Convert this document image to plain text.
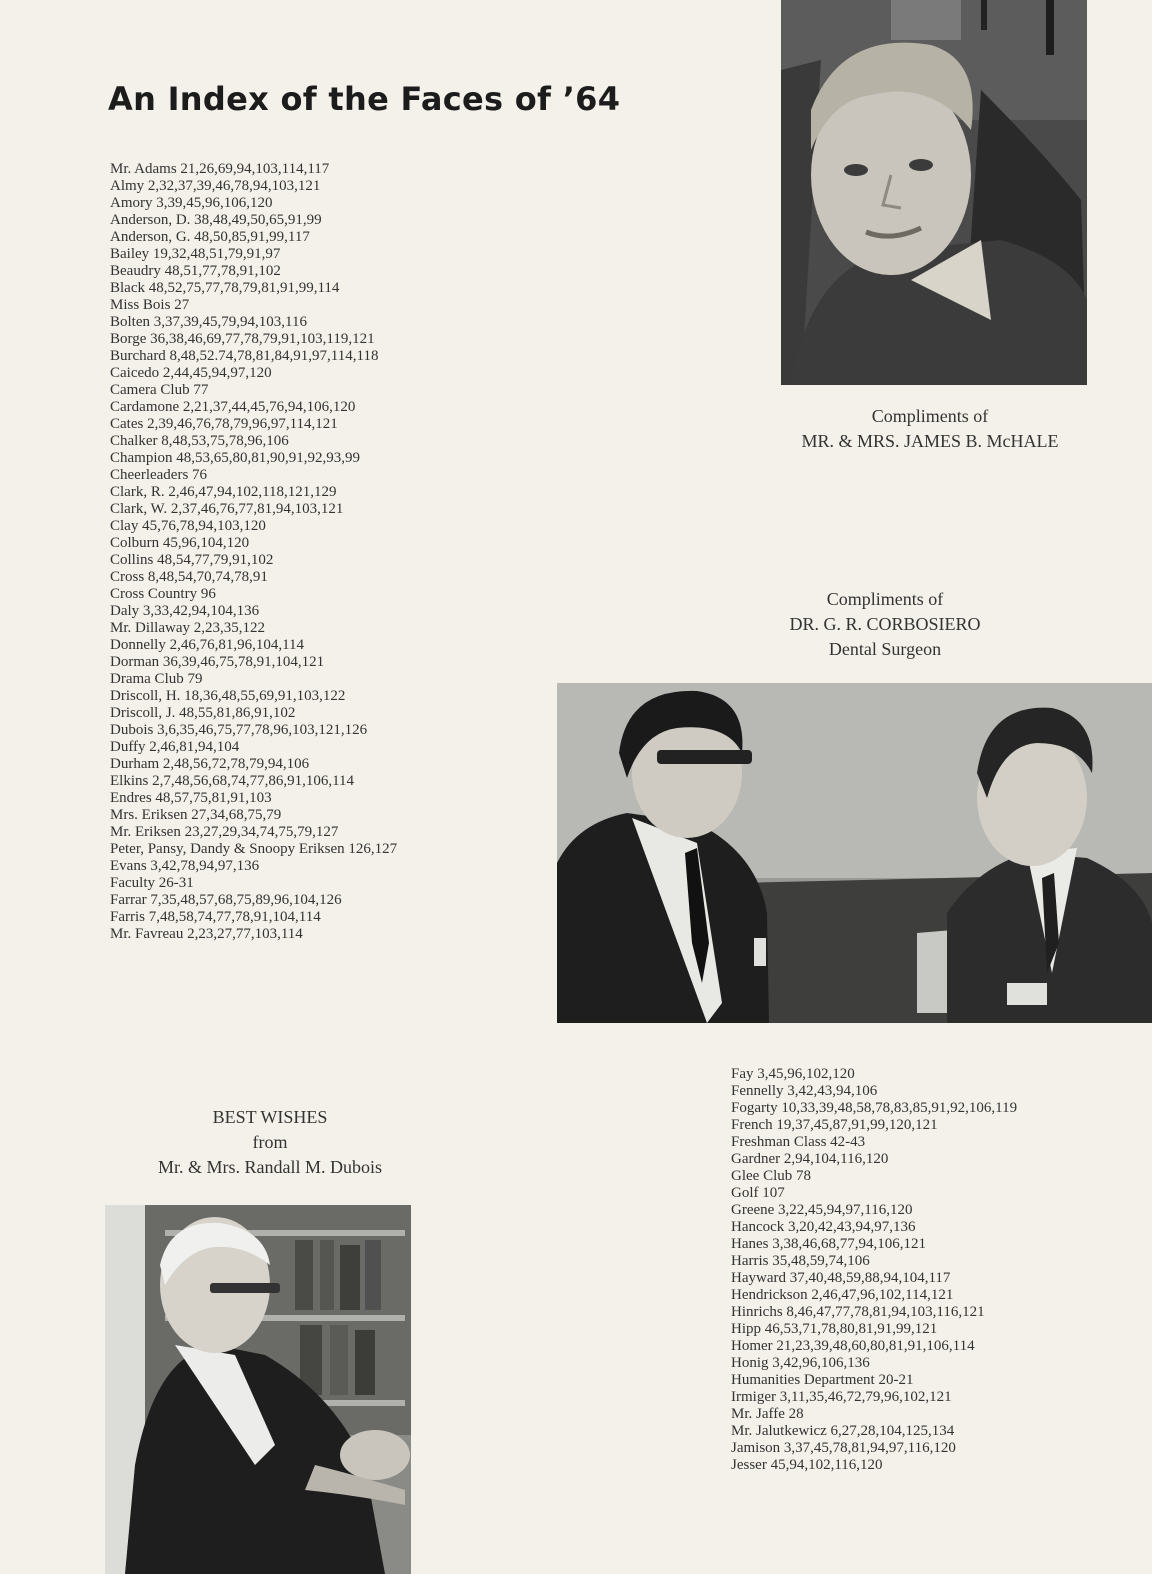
An Index of the Faces of ’64
Mr. Adams 21,26,69,94,103,114,117
Almy 2,32,37,39,46,78,94,103,121
Amory 3,39,45,96,106,120
Anderson, D. 38,48,49,50,65,91,99
Anderson, G. 48,50,85,91,99,117
Bailey 19,32,48,51,79,91,97
Beaudry 48,51,77,78,91,102
Black 48,52,75,77,78,79,81,91,99,114
Miss Bois 27
Bolten 3,37,39,45,79,94,103,116
Borge 36,38,46,69,77,78,79,91,103,119,121
Burchard 8,48,52.74,78,81,84,91,97,114,118
Caicedo 2,44,45,94,97,120
Camera Club 77
Cardamone 2,21,37,44,45,76,94,106,120
Cates 2,39,46,76,78,79,96,97,114,121
Chalker 8,48,53,75,78,96,106
Champion 48,53,65,80,81,90,91,92,93,99
Cheerleaders 76
Clark, R. 2,46,47,94,102,118,121,129
Clark, W. 2,37,46,76,77,81,94,103,121
Clay 45,76,78,94,103,120
Colburn 45,96,104,120
Collins 48,54,77,79,91,102
Cross 8,48,54,70,74,78,91
Cross Country 96
Daly 3,33,42,94,104,136
Mr. Dillaway 2,23,35,122
Donnelly 2,46,76,81,96,104,114
Dorman 36,39,46,75,78,91,104,121
Drama Club 79
Driscoll, H. 18,36,48,55,69,91,103,122
Driscoll, J. 48,55,81,86,91,102
Dubois 3,6,35,46,75,77,78,96,103,121,126
Duffy 2,46,81,94,104
Durham 2,48,56,72,78,79,94,106
Elkins 2,7,48,56,68,74,77,86,91,106,114
Endres 48,57,75,81,91,103
Mrs. Eriksen 27,34,68,75,79
Mr. Eriksen 23,27,29,34,74,75,79,127
Peter, Pansy, Dandy & Snoopy Eriksen 126,127
Evans 3,42,78,94,97,136
Faculty 26-31
Farrar 7,35,48,57,68,75,89,96,104,126
Farris 7,48,58,74,77,78,91,104,114
Mr. Favreau 2,23,27,77,103,114
Fay 3,45,96,102,120
Fennelly 3,42,43,94,106
Fogarty 10,33,39,48,58,78,83,85,91,92,106,119
French 19,37,45,87,91,99,120,121
Freshman Class 42-43
Gardner 2,94,104,116,120
Glee Club 78
Golf 107
Greene 3,22,45,94,97,116,120
Hancock 3,20,42,43,94,97,136
Hanes 3,38,46,68,77,94,106,121
Harris 35,48,59,74,106
Hayward 37,40,48,59,88,94,104,117
Hendrickson 2,46,47,96,102,114,121
Hinrichs 8,46,47,77,78,81,94,103,116,121
Hipp 46,53,71,78,80,81,91,99,121
Homer 21,23,39,48,60,80,81,91,106,114
Honig 3,42,96,106,136
Humanities Department 20-21
Irmiger 3,11,35,46,72,79,96,102,121
Mr. Jaffe 28
Mr. Jalutkewicz 6,27,28,104,125,134
Jamison 3,37,45,78,81,94,97,116,120
Jesser 45,94,102,116,120
Compliments of
MR. & MRS. JAMES B. McHALE
Compliments of
DR. G. R. CORBOSIERO
Dental Surgeon
BEST WISHES
from
Mr. & Mrs. Randall M. Dubois
